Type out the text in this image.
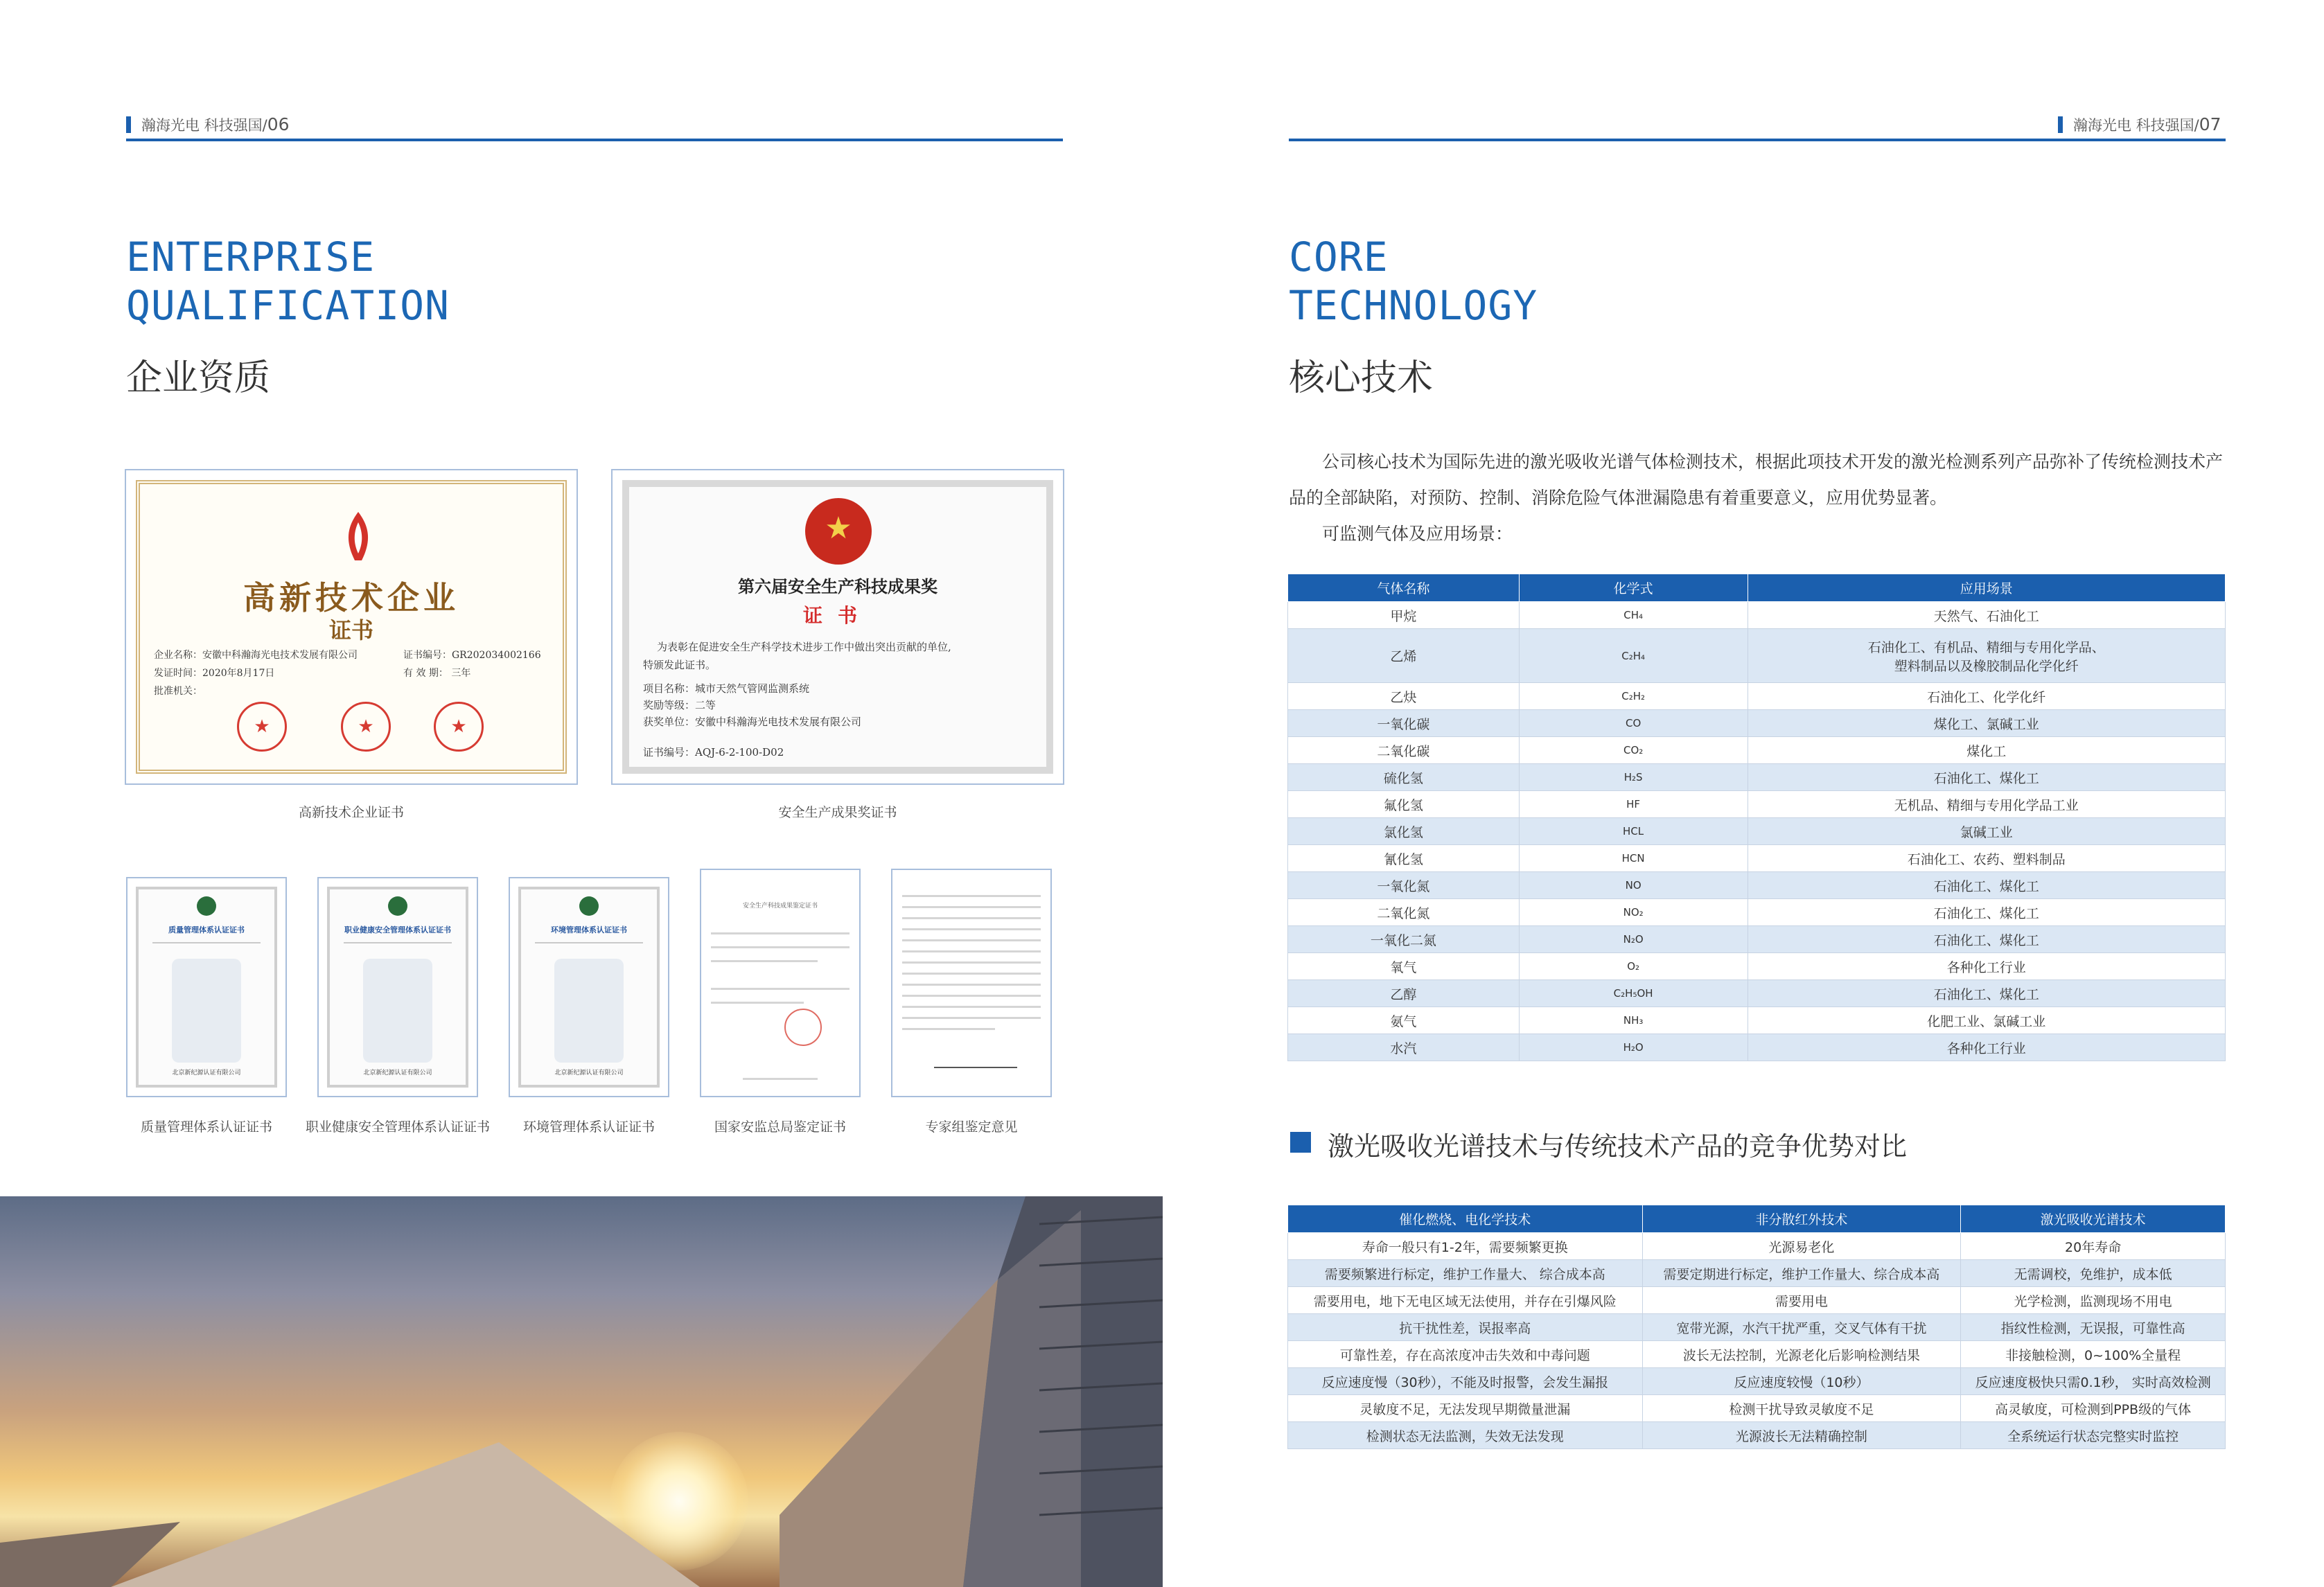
瀚海光电 科技强国/06
ENTERPRISE
QUALIFICATION
企业资质
高新技术企业
证书
企业名称：安徽中科瀚海光电技术发展有限公司	证书编号：GR202034002166
发证时间：2020年8月17日	有 效 期： 三年
批准机关：
★
★
★
高新技术企业证书
★
第六届安全生产科技成果奖
证书
为表彰在促进安全生产科学技术进步工作中做出突出贡献的单位,
特颁发此证书。
项目名称：城市天然气管网监测系统
奖励等级：二等
获奖单位：安徽中科瀚海光电技术发展有限公司
证书编号：AQJ-6-2-100-D02
安全生产成果奖证书
质量管理体系认证证书
北京新纪源认证有限公司
质量管理体系认证证书
职业健康安全管理体系认证证书
北京新纪源认证有限公司
职业健康安全管理体系认证证书
环境管理体系认证证书
北京新纪源认证有限公司
环境管理体系认证证书
安全生产科技成果鉴定证书
国家安监总局鉴定证书	专家组鉴定意见
瀚海光电 科技强国/07
CORE
TECHNOLOGY
核心技术
公司核心技术为国际先进的激光吸收光谱气体检测技术，根据此项技术开发的激光检测系列产品弥补了传统检测技术产
品的全部缺陷，对预防、控制、消除危险气体泄漏隐患有着重要意义，应用优势显著。
可监测气体及应用场景：
气体名称	化学式	应用场景
甲烷	CH₄	天然气、石油化工
乙烯	C₂H₄	石油化工、有机品、精细与专用化学品、
塑料制品以及橡胶制品化学化纤
乙炔	C₂H₂	石油化工、化学化纤
一氧化碳	CO	煤化工、氯碱工业
二氧化碳	CO₂	煤化工
硫化氢	H₂S	石油化工、煤化工
氟化氢	HF	无机品、精细与专用化学品工业
氯化氢	HCL	氯碱工业
氰化氢	HCN	石油化工、农药、塑料制品
一氧化氮	NO	石油化工、煤化工
二氧化氮	NO₂	石油化工、煤化工
一氧化二氮	N₂O	石油化工、煤化工
氧气	O₂	各种化工行业
乙醇	C₂H₅OH	石油化工、煤化工
氨气	NH₃	化肥工业、氯碱工业
水汽	H₂O	各种化工行业
激光吸收光谱技术与传统技术产品的竞争优势对比
催化燃烧、电化学技术	非分散红外技术	激光吸收光谱技术
寿命一般只有1-2年，需要频繁更换	光源易老化	20年寿命
需要频繁进行标定，维护工作量大、 综合成本高	需要定期进行标定，维护工作量大、综合成本高	无需调校，免维护，成本低
需要用电，地下无电区域无法使用，并存在引爆风险	需要用电	光学检测，监测现场不用电
抗干扰性差，误报率高	宽带光源，水汽干扰严重，交叉气体有干扰	指纹性检测，无误报，可靠性高
可靠性差，存在高浓度冲击失效和中毒问题	波长无法控制，光源老化后影响检测结果	非接触检测，0~100%全量程
反应速度慢（30秒），不能及时报警，会发生漏报	反应速度较慢（10秒）	反应速度极快只需0.1秒， 实时高效检测
灵敏度不足，无法发现早期微量泄漏	检测干扰导致灵敏度不足	高灵敏度，可检测到PPB级的气体
检测状态无法监测，失效无法发现	光源波长无法精确控制	全系统运行状态完整实时监控
